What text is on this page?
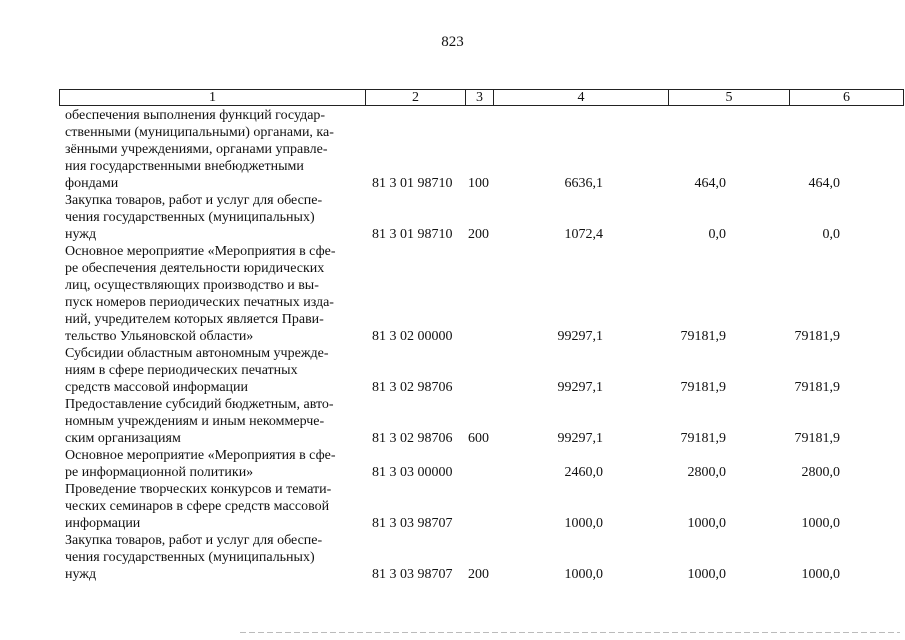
823
1	2	3	4	5	6
обеспечения выполнения функций государ-
ственными (муниципальными) органами, ка-
зёнными учреждениями, органами управле-
ния государственными внебюджетными
фондами	81 3 01 98710 100	6636,1	464,0	464,0
Закупка товаров, работ и услуг для обеспе-
чения государственных (муниципальных)
нужд	81 3 01 98710 200	1072,4	0,0	0,0
Основное мероприятие «Мероприятия в сфе-
ре обеспечения деятельности юридических
лиц, осуществляющих производство и вы-
пуск номеров периодических печатных изда-
ний, учредителем которых является Прави-
тельство Ульяновской области»	81 3 02 00000	99297,1	79181,9	79181,9
Субсидии областным автономным учрежде-
ниям в сфере периодических печатных
средств массовой информации	81 3 02 98706	99297,1	79181,9	79181,9
Предоставление субсидий бюджетным, авто-
номным учреждениям и иным некоммерче-
ским организациям	81 3 02 98706 600	99297,1	79181,9	79181,9
Основное мероприятие «Мероприятия в сфе-
ре информационной политики»	81 3 03 00000	2460,0	2800,0	2800,0
Проведение творческих конкурсов и темати-
ческих семинаров в сфере средств массовой
информации	81 3 03 98707	1000,0	1000,0	1000,0
Закупка товаров, работ и услуг для обеспе-
чения государственных (муниципальных)
нужд	81 3 03 98707 200	1000,0	1000,0	1000,0
